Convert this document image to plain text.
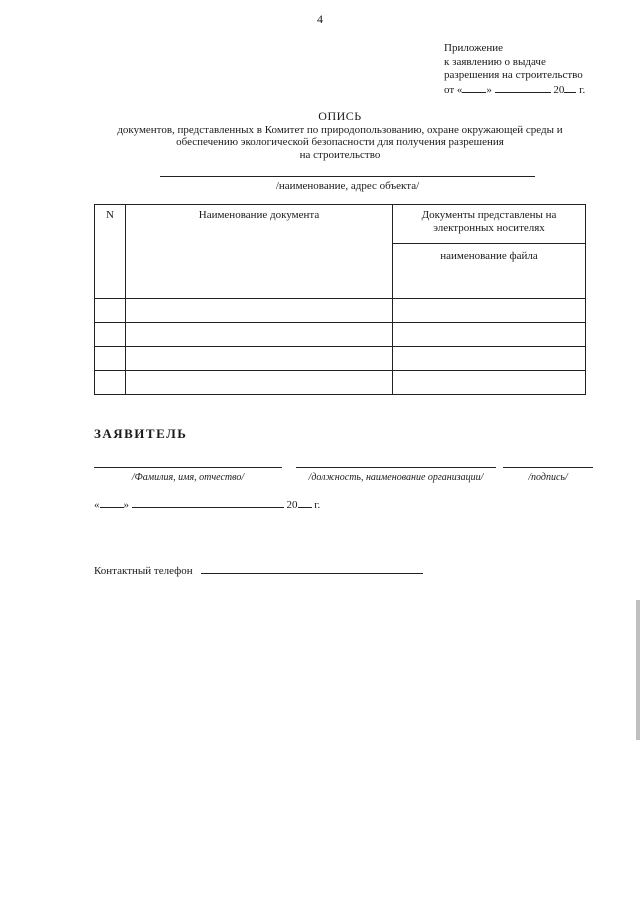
4
Приложение
к заявлению о выдаче
разрешения на строительство
от « »	20 г.
ОПИСЬ
документов, представленных в Комитет по природопользованию, охране окружающей среды и
обеспечению экологической безопасности для получения разрешения
на строительство
/наименование, адрес объекта/
N	Наименование документа	Документы представлены на электронных носителях
		наименование файла

ЗАЯВИТЕЛЬ
/Фамилия, имя, отчество/	/должность, наименование организации/	/подпись/
« »	20 г.
Контактный телефон
